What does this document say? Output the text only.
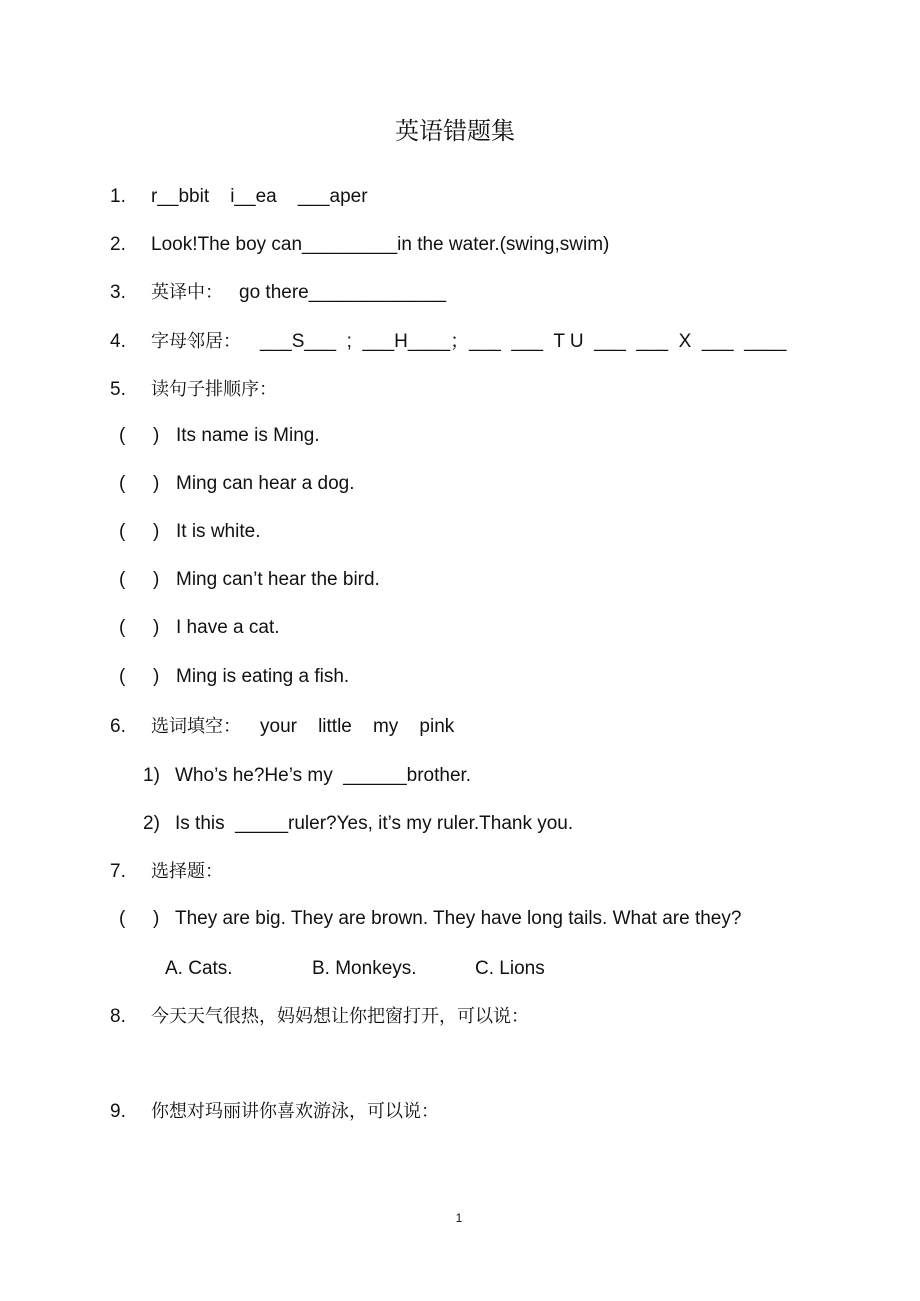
英语错题集
1. r__bbit    i__ea    ___aper
2. Look!The boy can_________in the water.(swing,swim)
3. 英译中： go there_____________
4. 字母邻居： ___S___  ;  ___H____；___  ___  T U  ___  ___  X  ___  ____
5. 读句子排顺序：
( ) Its name is Ming.
( ) Ming can hear a dog.
( ) It is white.
( ) Ming can’t hear the bird.
( ) I have a cat.
( ) Ming is eating a fish.
6. 选词填空： your    little    my    pink
1) Who’s he?He’s my  ______brother.
2) Is this  _____ruler?Yes, it’s my ruler.Thank you.
7. 选择题：
( ) They are big. They are brown. They have long tails. What are they?
A. Cats.	B. Monkeys.	C. Lions
8. 今天天气很热，妈妈想让你把窗打开，可以说：
9. 你想对玛丽讲你喜欢游泳，可以说：
1
